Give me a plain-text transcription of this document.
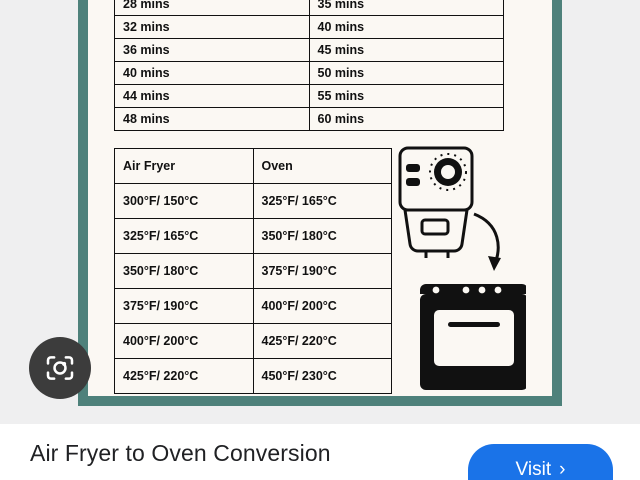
28 mins	35 mins
32 mins	40 mins
36 mins	45 mins
40 mins	50 mins
44 mins	55 mins
48 mins	60 mins
Air Fryer	Oven
300°F/ 150°C	325°F/ 165°C
325°F/ 165°C	350°F/ 180°C
350°F/ 180°C	375°F/ 190°C
375°F/ 190°C	400°F/ 200°C
400°F/ 200°C	425°F/ 220°C
425°F/ 220°C	450°F/ 230°C
Air Fryer to Oven Conversion
Visit ›
